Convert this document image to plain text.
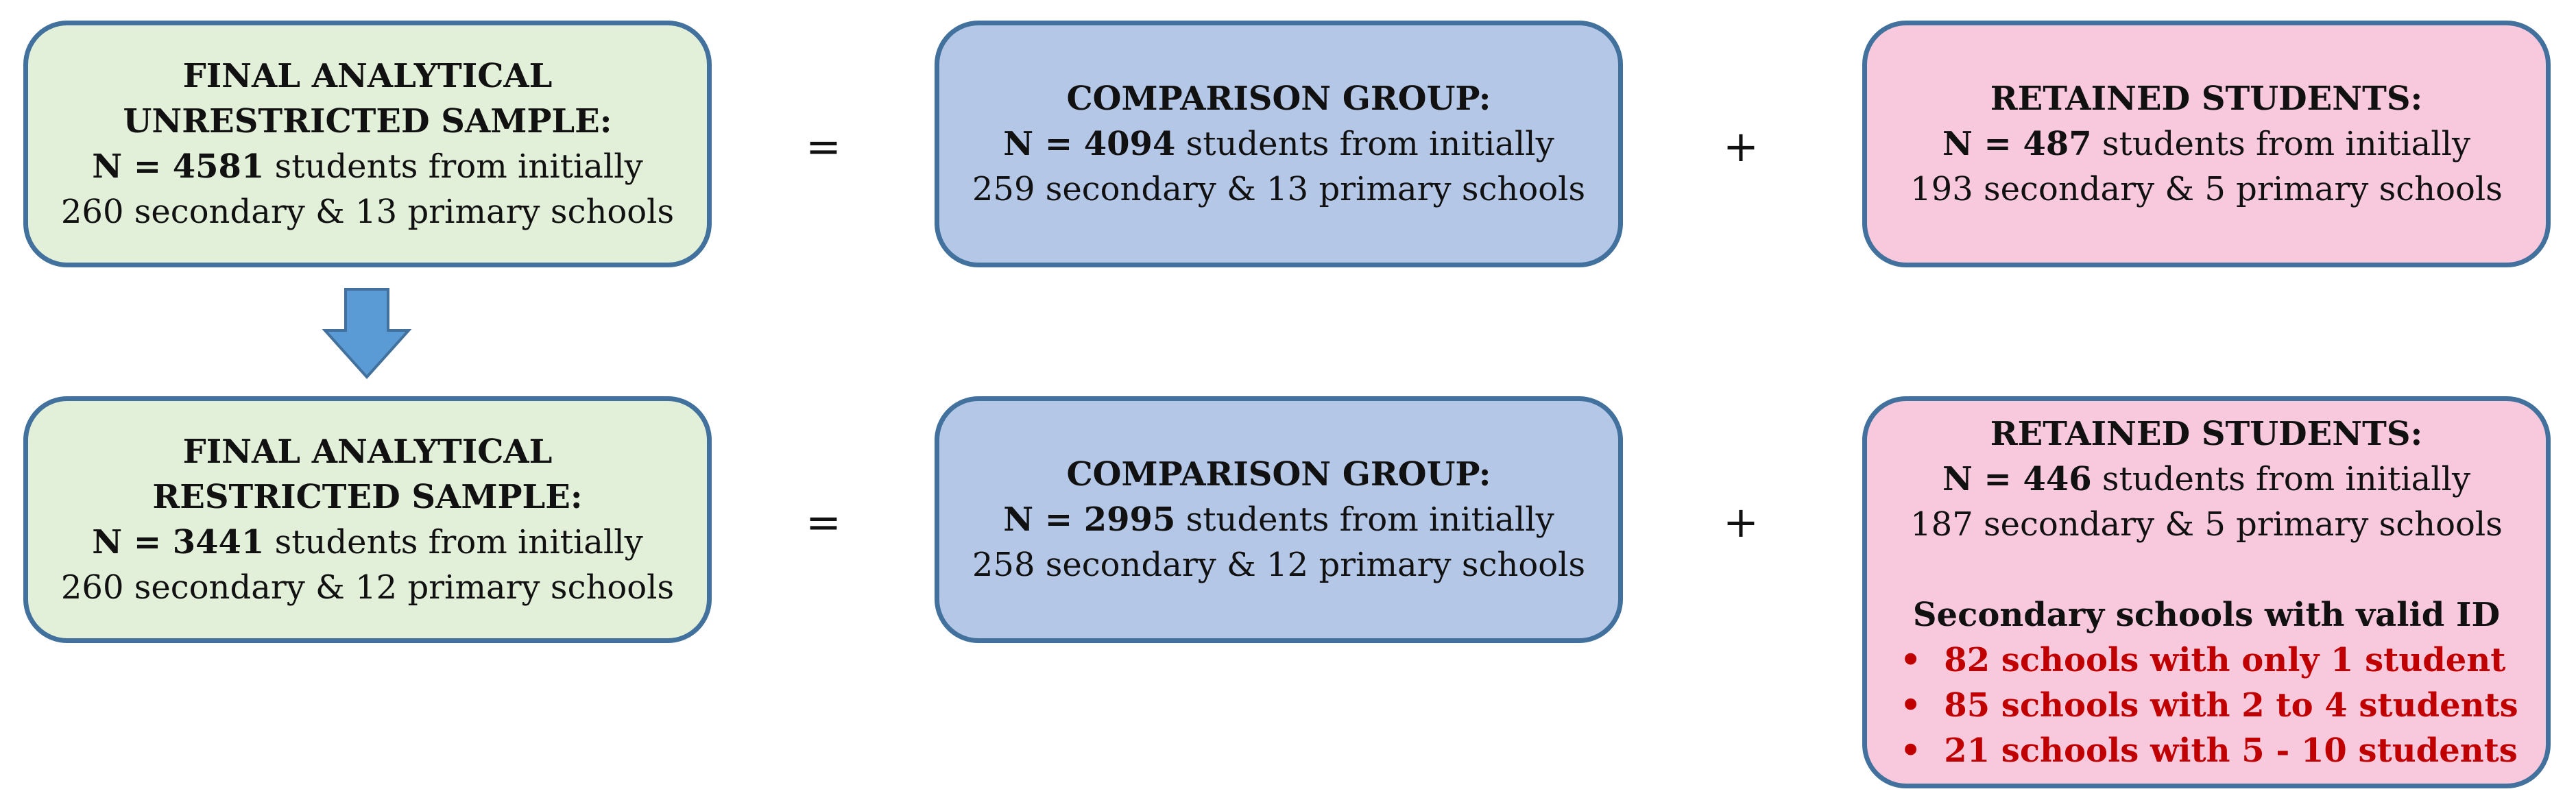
FINAL ANALYTICAL
UNRESTRICTED SAMPLE:
N = 4581 students from initially
260 secondary & 13 primary schools
=
COMPARISON GROUP:
N = 4094 students from initially
259 secondary & 13 primary schools
+
RETAINED STUDENTS:
N = 487 students from initially
193 secondary & 5 primary schools
FINAL ANALYTICAL
RESTRICTED SAMPLE:
N = 3441 students from initially
260 secondary & 12 primary schools
=
COMPARISON GROUP:
N = 2995 students from initially
258 secondary & 12 primary schools
+
RETAINED STUDENTS:
N = 446 students from initially
187 secondary & 5 primary schools
Secondary schools with valid ID
• 82 schools with only 1 student
• 85 schools with 2 to 4 students
• 21 schools with 5 - 10 students
